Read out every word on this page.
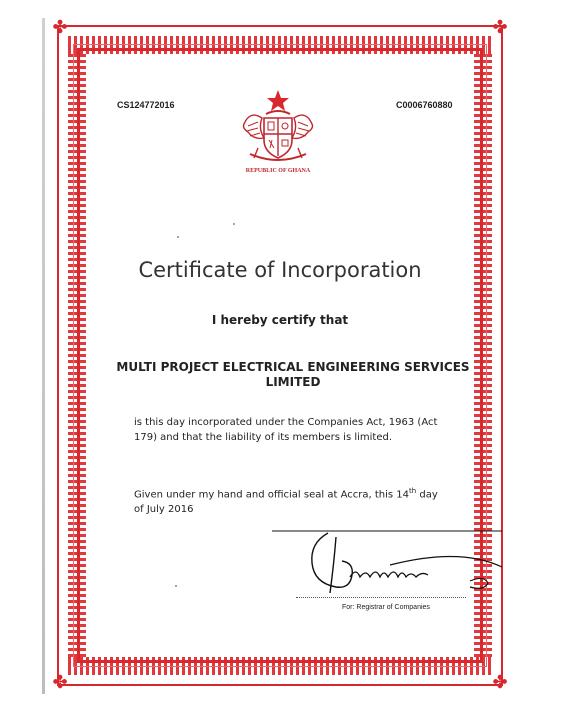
✤	✤
✤	✤
CS124772016	C0006760880
REPUBLIC OF GHANA
Certificate of Incorporation
I hereby certify that
MULTI PROJECT ELECTRICAL ENGINEERING SERVICES
LIMITED
is this day incorporated under the Companies Act, 1963 (Act
179) and that the liability of its members is limited.
Given under my hand and official seal at Accra, this 14th day
of July 2016
For: Registrar of Companies
